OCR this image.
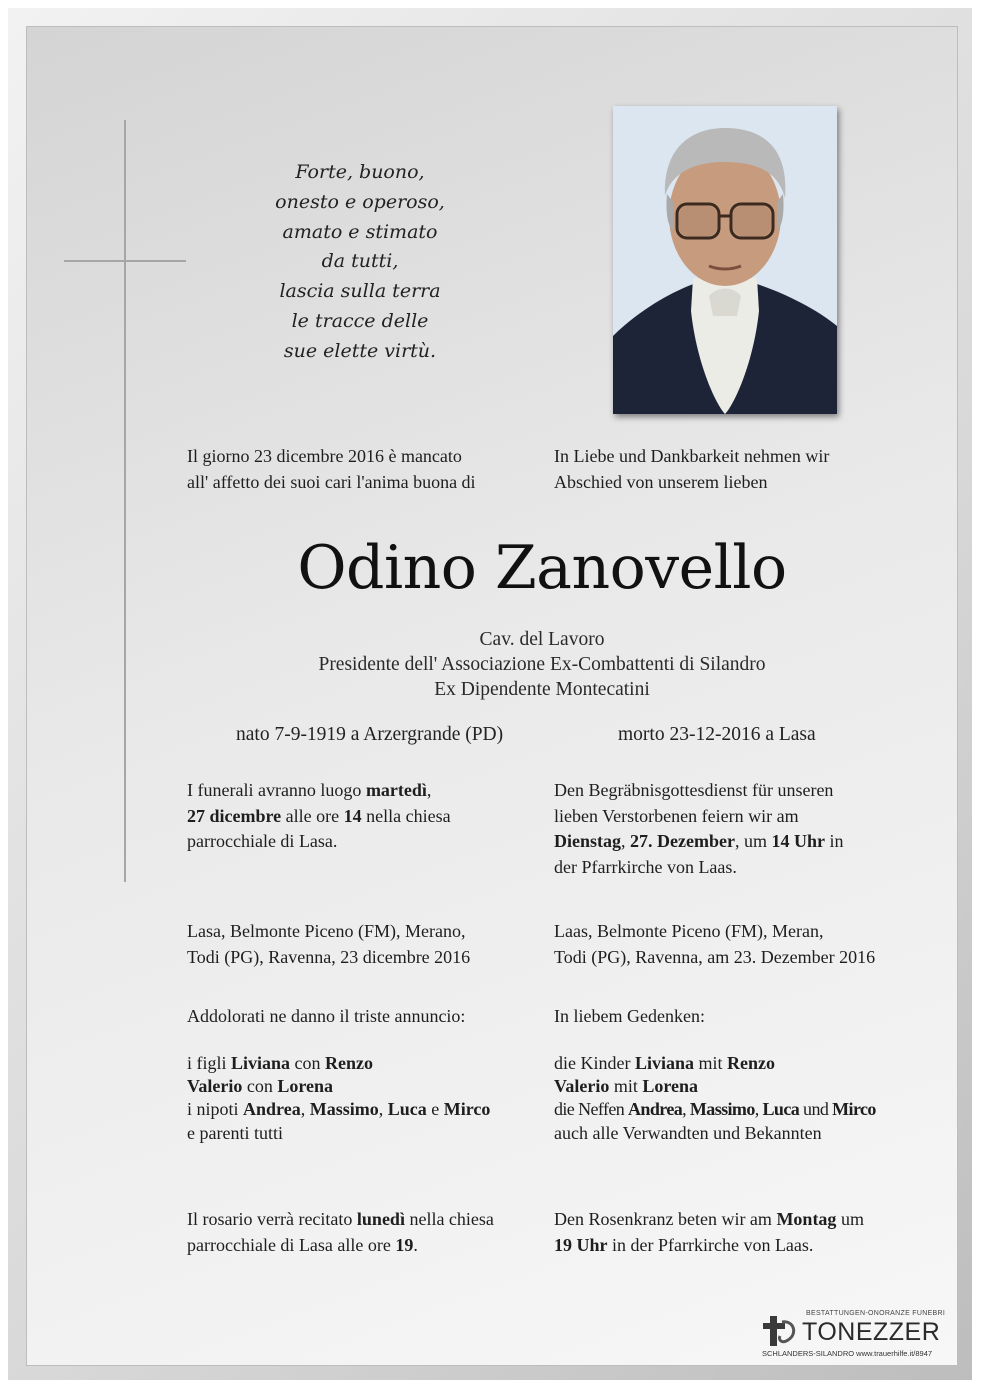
Forte, buono,
onesto e operoso,
amato e stimato
da tutti,
lascia sulla terra
le tracce delle
sue elette virtù.
Il giorno 23 dicembre 2016 è mancato
all' affetto dei suoi cari l'anima buona di
In Liebe und Dankbarkeit nehmen wir
Abschied von unserem lieben
Odino Zanovello
Cav. del Lavoro
Presidente dell' Associazione Ex-Combattenti di Silandro
Ex Dipendente Montecatini
nato 7-9-1919 a Arzergrande (PD)	morto 23-12-2016 a Lasa
I funerali avranno luogo martedì,
27 dicembre alle ore 14 nella chiesa
parrocchiale di Lasa.
Den Begräbnisgottesdienst für unseren
lieben Verstorbenen feiern wir am
Dienstag, 27. Dezember, um 14 Uhr in
der Pfarrkirche von Laas.
Lasa, Belmonte Piceno (FM), Merano,
Todi (PG), Ravenna, 23 dicembre 2016
Laas, Belmonte Piceno (FM), Meran,
Todi (PG), Ravenna, am 23. Dezember 2016
Addolorati ne danno il triste annuncio:	In liebem Gedenken:
i figli Liviana con Renzo
Valerio con Lorena
i nipoti Andrea, Massimo, Luca e Mirco
e parenti tutti
die Kinder Liviana mit Renzo
Valerio mit Lorena
die Neffen Andrea, Massimo, Luca und Mirco
auch alle Verwandten und Bekannten
Il rosario verrà recitato lunedì nella chiesa
parrocchiale di Lasa alle ore 19.
Den Rosenkranz beten wir am Montag um
19 Uhr in der Pfarrkirche von Laas.
BESTATTUNGEN-ONORANZE FUNEBRI
TONEZZER
SCHLANDERS-SILANDRO www.trauerhilfe.it/8947
